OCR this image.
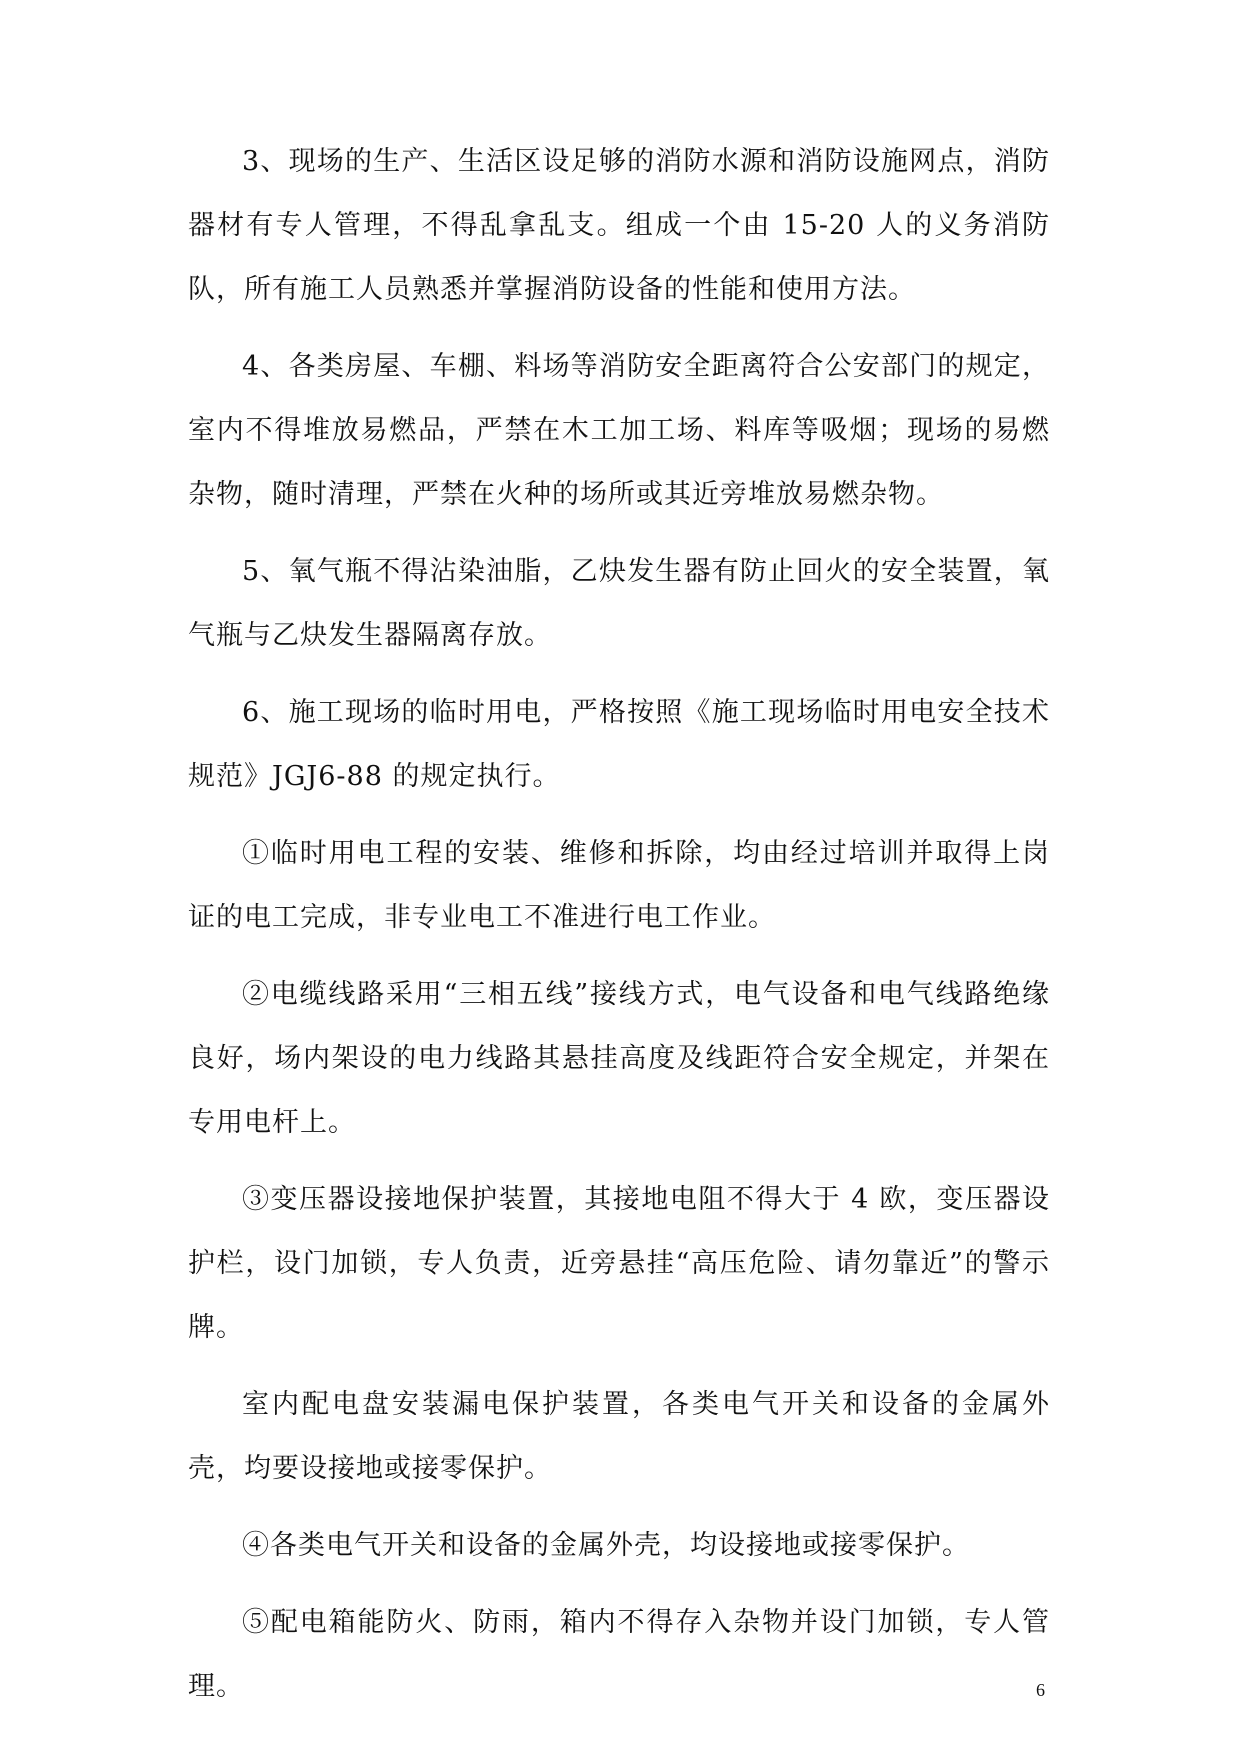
3、现场的生产、生活区设足够的消防水源和消防设施网点，消防器材有专人管理，不得乱拿乱支。组成一个由 15-20 人的义务消防队，所有施工人员熟悉并掌握消防设备的性能和使用方法。

4、各类房屋、车棚、料场等消防安全距离符合公安部门的规定，室内不得堆放易燃品，严禁在木工加工场、料库等吸烟；现场的易燃杂物，随时清理，严禁在火种的场所或其近旁堆放易燃杂物。

5、氧气瓶不得沾染油脂，乙炔发生器有防止回火的安全装置，氧气瓶与乙炔发生器隔离存放。

6、施工现场的临时用电，严格按照《施工现场临时用电安全技术规范》JGJ6-88 的规定执行。

①临时用电工程的安装、维修和拆除，均由经过培训并取得上岗证的电工完成，非专业电工不准进行电工作业。

②电缆线路采用“三相五线”接线方式，电气设备和电气线路绝缘良好，场内架设的电力线路其悬挂高度及线距符合安全规定，并架在专用电杆上。

③变压器设接地保护装置，其接地电阻不得大于 4 欧，变压器设护栏，设门加锁，专人负责，近旁悬挂“高压危险、请勿靠近”的警示牌。

室内配电盘安装漏电保护装置，各类电气开关和设备的金属外壳，均要设接地或接零保护。

④各类电气开关和设备的金属外壳，均设接地或接零保护。

⑤配电箱能防火、防雨，箱内不得存入杂物并设门加锁，专人管理。	6
